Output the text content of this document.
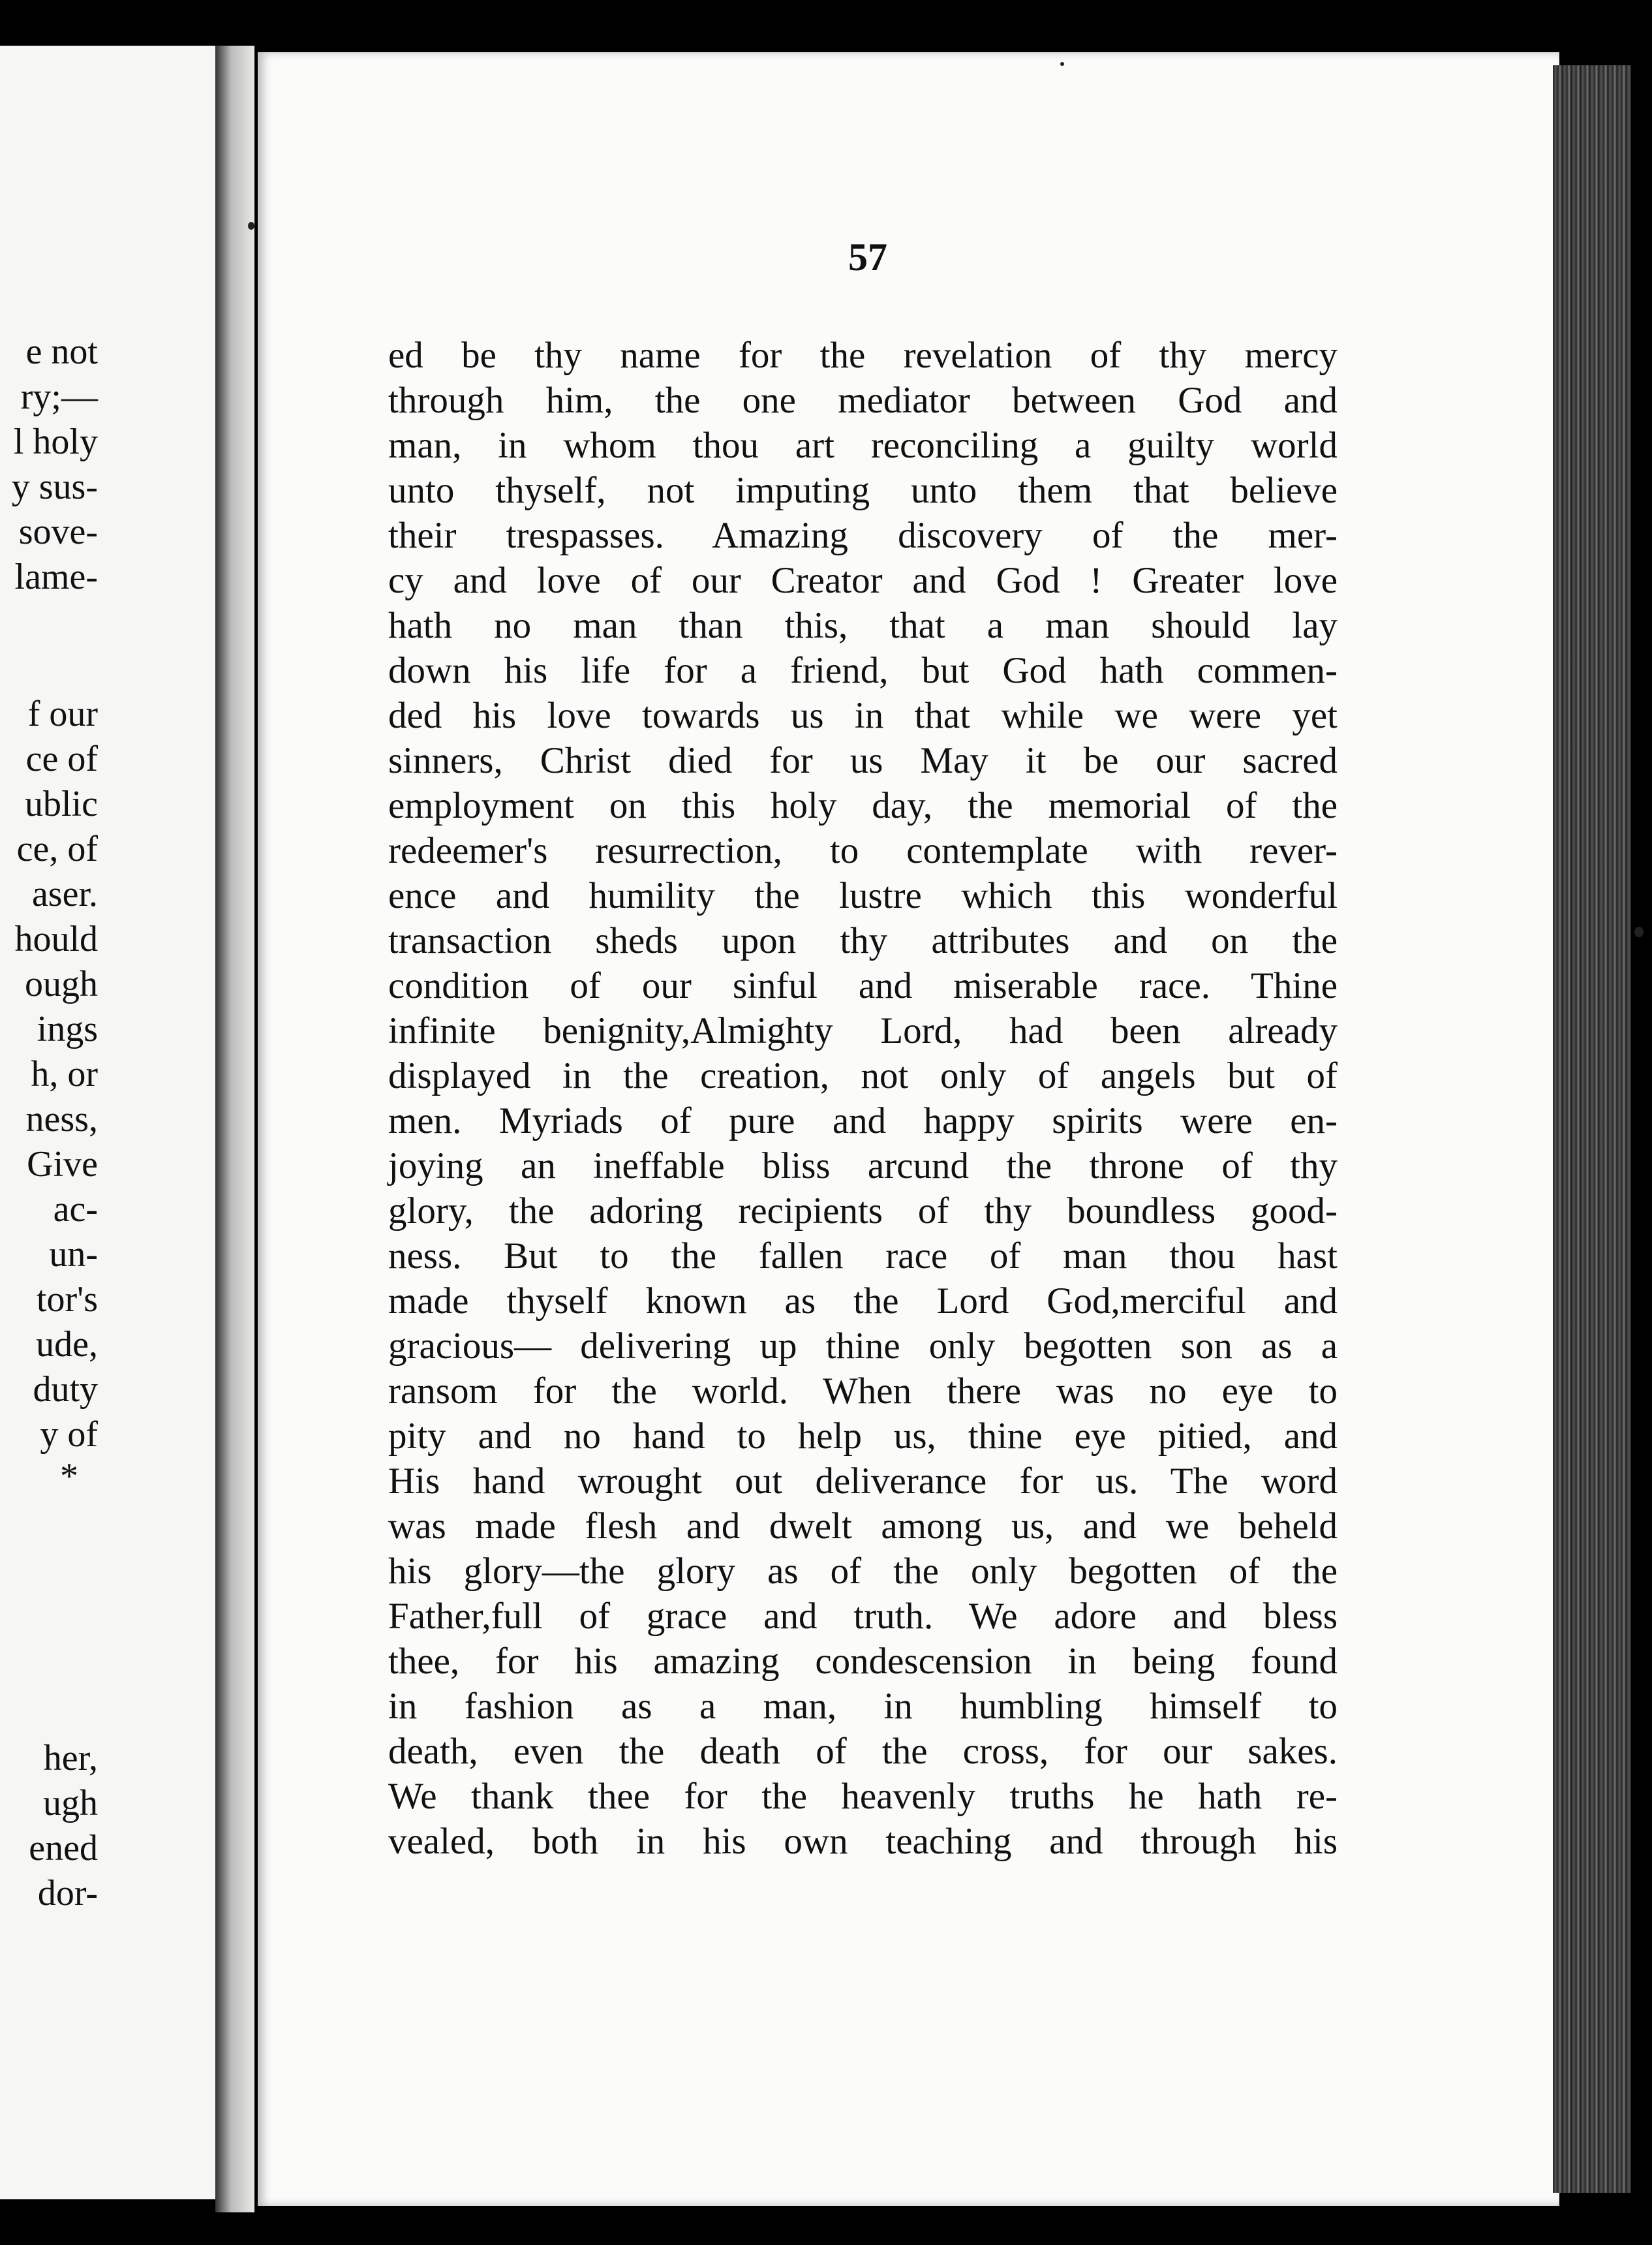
e not
ry;—
l holy
y sus-
sove-
lame-
f our
ce of
ublic
ce, of
aser.
hould
ough
ings
h, or
ness,
Give
ac-
un-
tor's
ude,
duty
y of
*
her,
ugh
ened
dor-
57
ed be thy name for the revelation of thy mercy
through him, the one mediator between God and
man, in whom thou art reconciling a guilty world
unto thyself, not imputing unto them that believe
their trespasses. Amazing discovery of the mer-
cy and love of our Creator and God ! Greater love
hath no man than this, that a man should lay
down his life for a friend, but God hath commen-
ded his love towards us in that while we were yet
sinners, Christ died for us May it be our sacred
employment on this holy day, the memorial of the
redeemer's resurrection, to contemplate with rever-
ence and humility the lustre which this wonderful
transaction sheds upon thy attributes and on the
condition of our sinful and miserable race. Thine
infinite benignity,Almighty Lord, had been already
displayed in the creation, not only of angels but of
men. Myriads of pure and happy spirits were en-
joying an ineffable bliss arcund the throne of thy
glory, the adoring recipients of thy boundless good-
ness. But to the fallen race of man thou hast
made thyself known as the Lord God,merciful and
gracious— delivering up thine only begotten son as a
ransom for the world. When there was no eye to
pity and no hand to help us, thine eye pitied, and
His hand wrought out deliverance for us. The word
was made flesh and dwelt among us, and we beheld
his glory—the glory as of the only begotten of the
Father,full of grace and truth. We adore and bless
thee, for his amazing condescension in being found
in fashion as a man, in humbling himself to
death, even the death of the cross, for our sakes.
We thank thee for the heavenly truths he hath re-
vealed, both in his own teaching and through his
